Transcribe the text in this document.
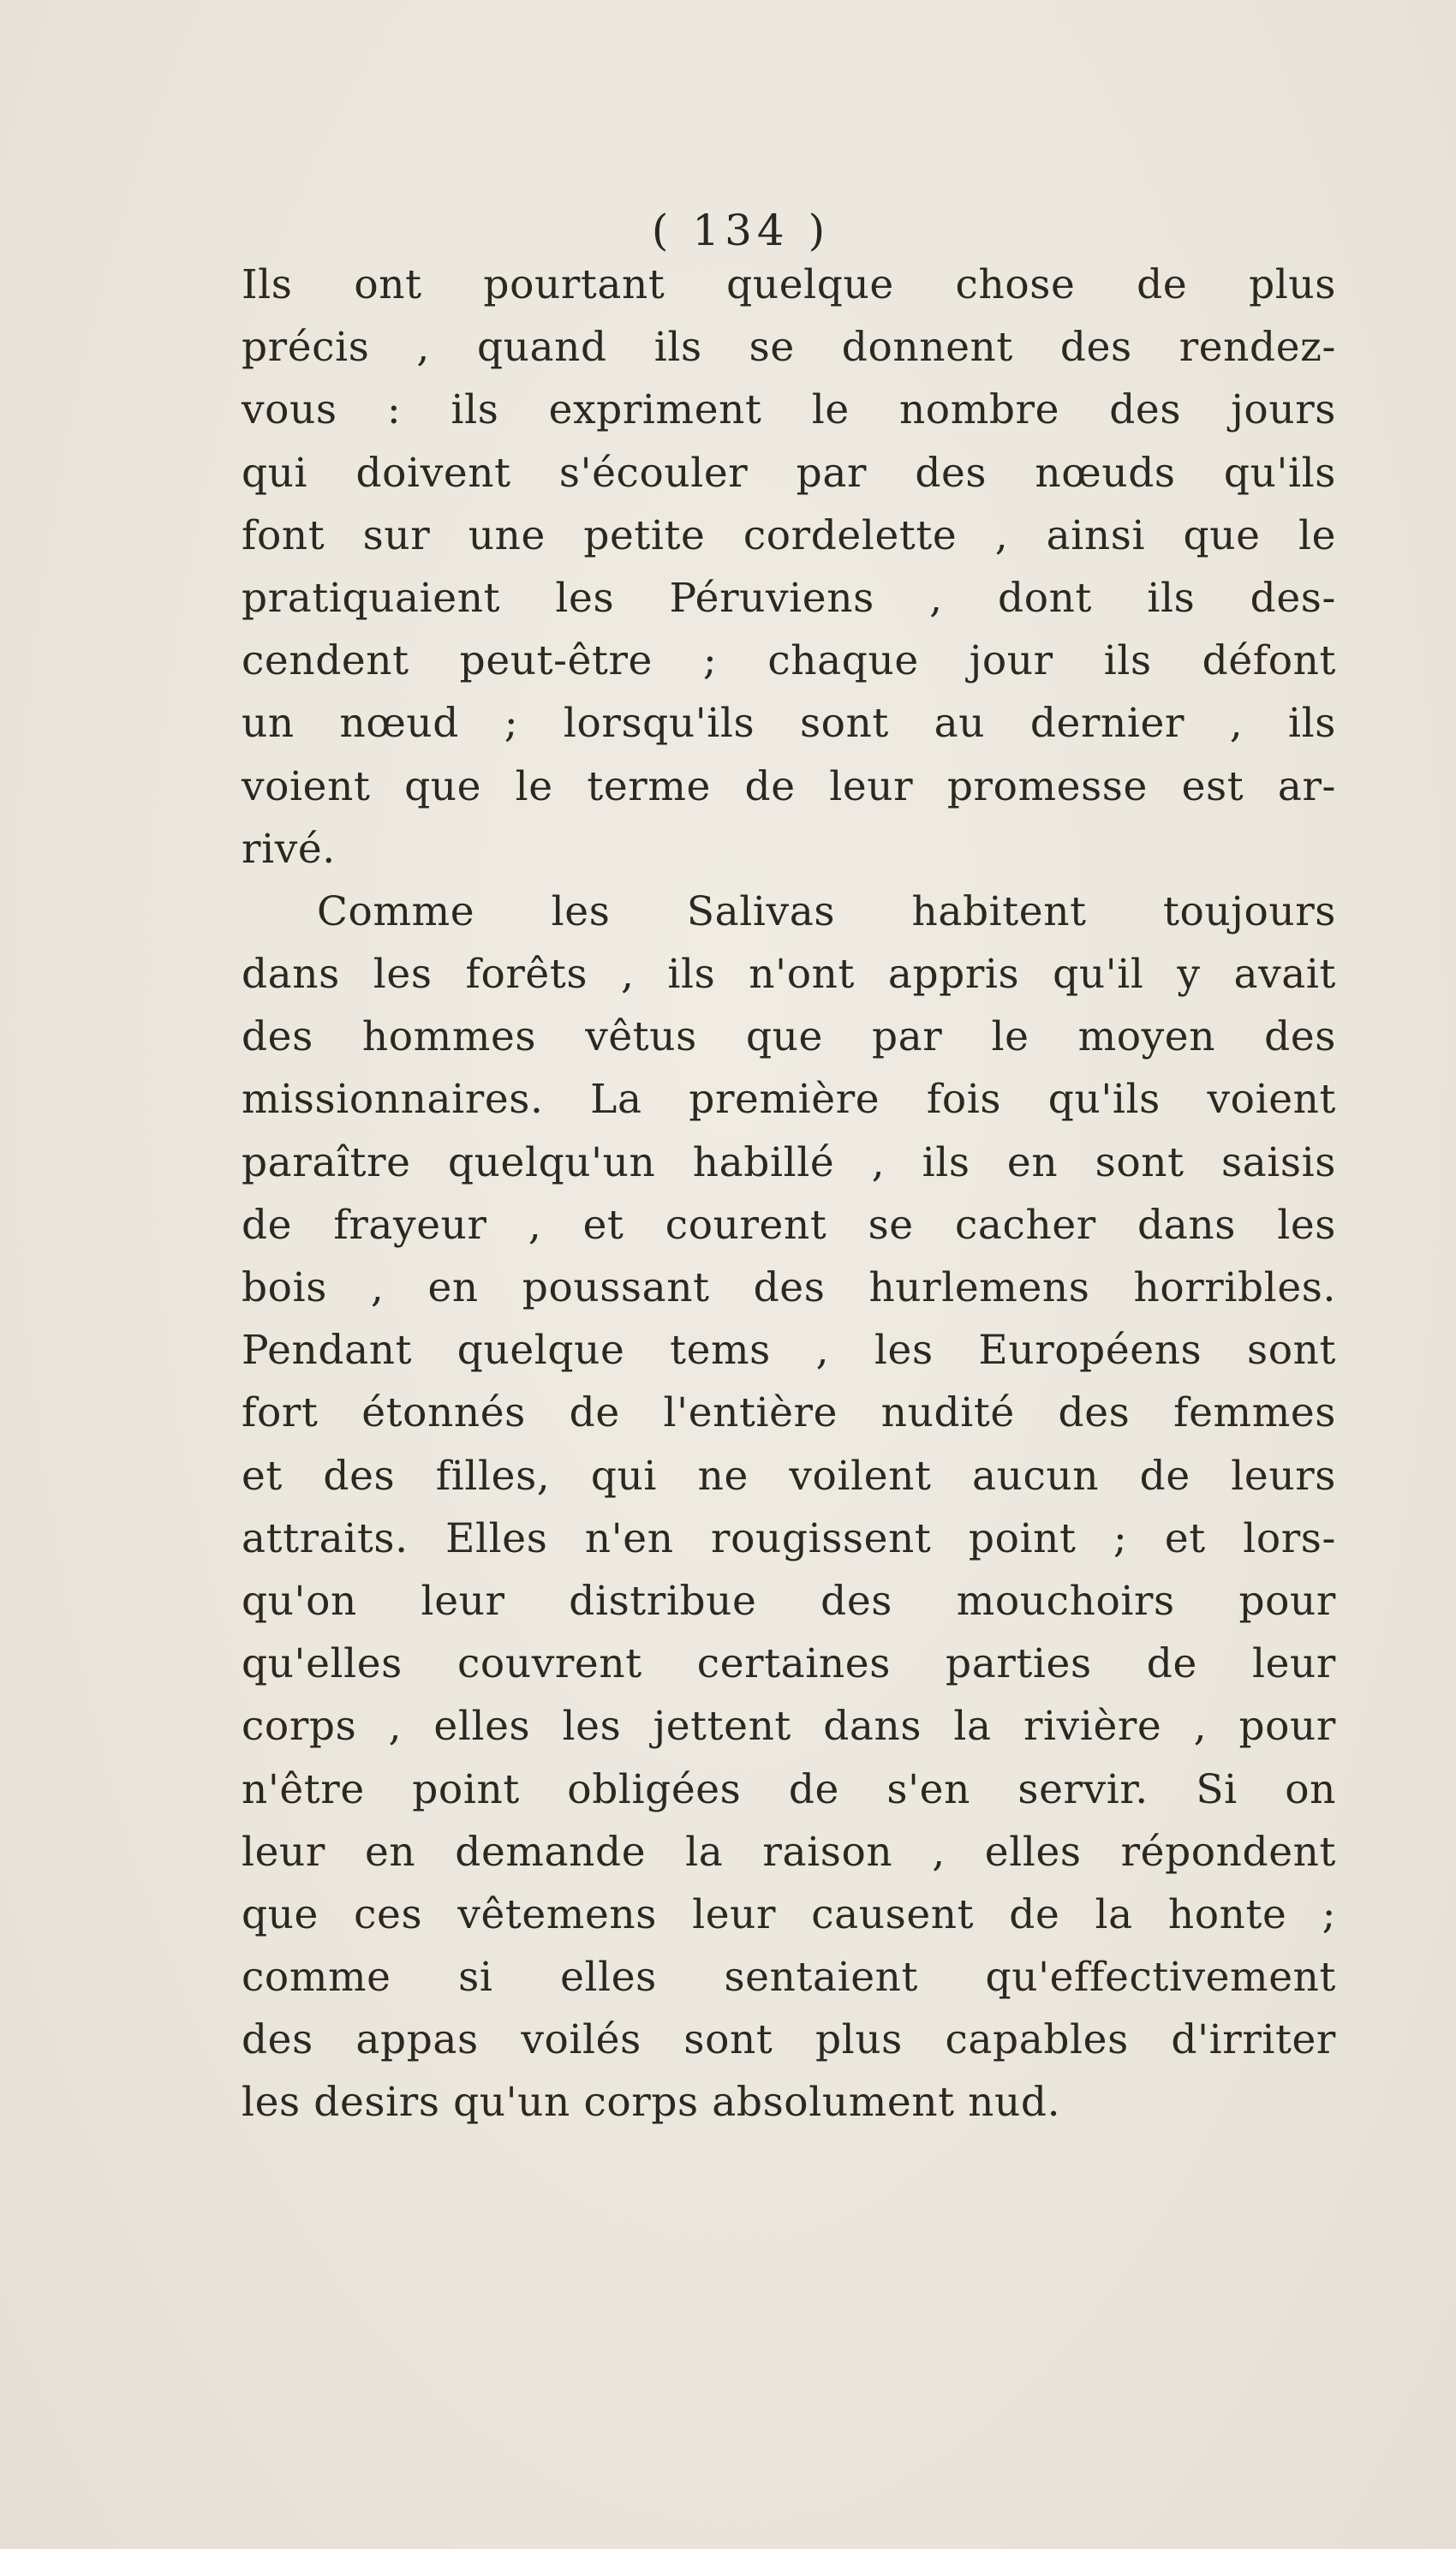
( 134 )
Ils ont pourtant quelque chose de plus
précis , quand ils se donnent des rendez-
vous : ils expriment le nombre des jours
qui doivent s'écouler par des nœuds qu'ils
font sur une petite cordelette , ainsi que le
pratiquaient les Péruviens , dont ils des-
cendent peut-être ; chaque jour ils défont
un nœud ; lorsqu'ils sont au dernier , ils
voient que le terme de leur promesse est ar-
rivé.
Comme les Salivas habitent toujours
dans les forêts , ils n'ont appris qu'il y avait
des hommes vêtus que par le moyen des
missionnaires. La première fois qu'ils voient
paraître quelqu'un habillé , ils en sont saisis
de frayeur , et courent se cacher dans les
bois , en poussant des hurlemens horribles.
Pendant quelque tems , les Européens sont
fort étonnés de l'entière nudité des femmes
et des filles, qui ne voilent aucun de leurs
attraits. Elles n'en rougissent point ; et lors-
qu'on leur distribue des mouchoirs pour
qu'elles couvrent certaines parties de leur
corps , elles les jettent dans la rivière , pour
n'être point obligées de s'en servir. Si on
leur en demande la raison , elles répondent
que ces vêtemens leur causent de la honte ;
comme si elles sentaient qu'effectivement
des appas voilés sont plus capables d'irriter
les desirs qu'un corps absolument nud.
